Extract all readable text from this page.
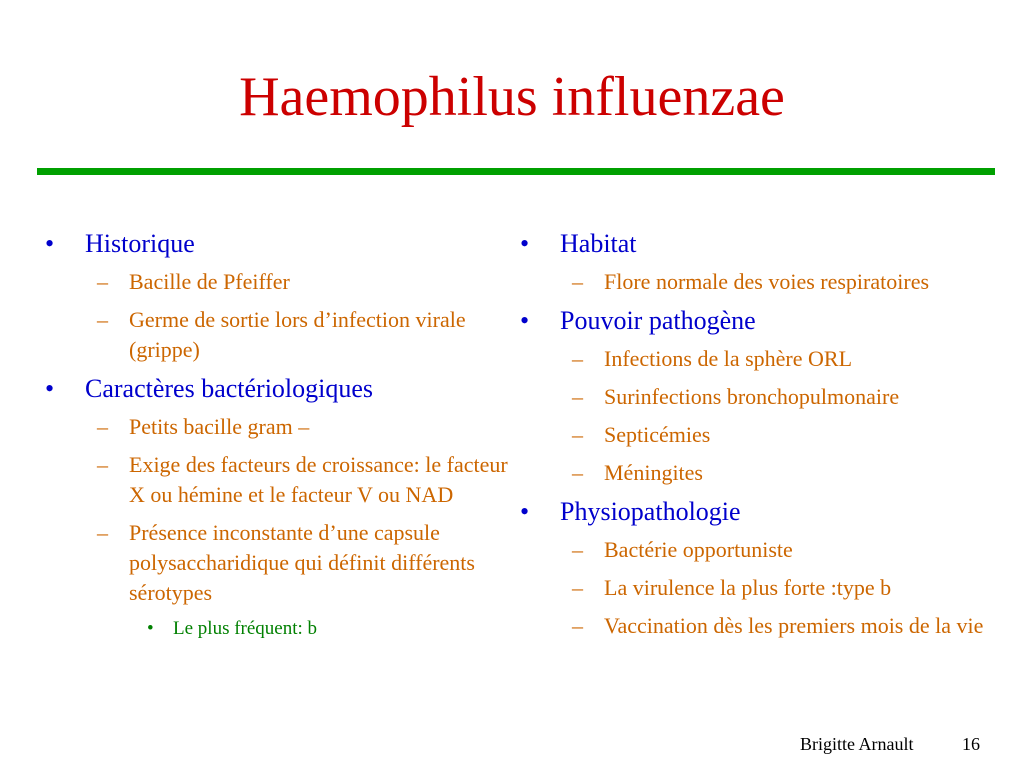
Haemophilus influenzae
• Historique
– Bacille de Pfeiffer
– Germe de sortie lors d’infection virale (grippe)
• Caractères bactériologiques
– Petits bacille gram –
– Exige des facteurs de croissance: le facteur X ou hémine et le facteur V ou NAD
– Présence inconstante d’une capsule polysaccharidique qui définit différents sérotypes
• Le plus fréquent: b
• Habitat
– Flore normale des voies respiratoires
• Pouvoir pathogène
– Infections de la sphère ORL
– Surinfections bronchopulmonaire
– Septicémies
– Méningites
• Physiopathologie
– Bactérie opportuniste
– La virulence la plus forte :type b
– Vaccination dès les premiers mois de la vie
Brigitte Arnault	16
